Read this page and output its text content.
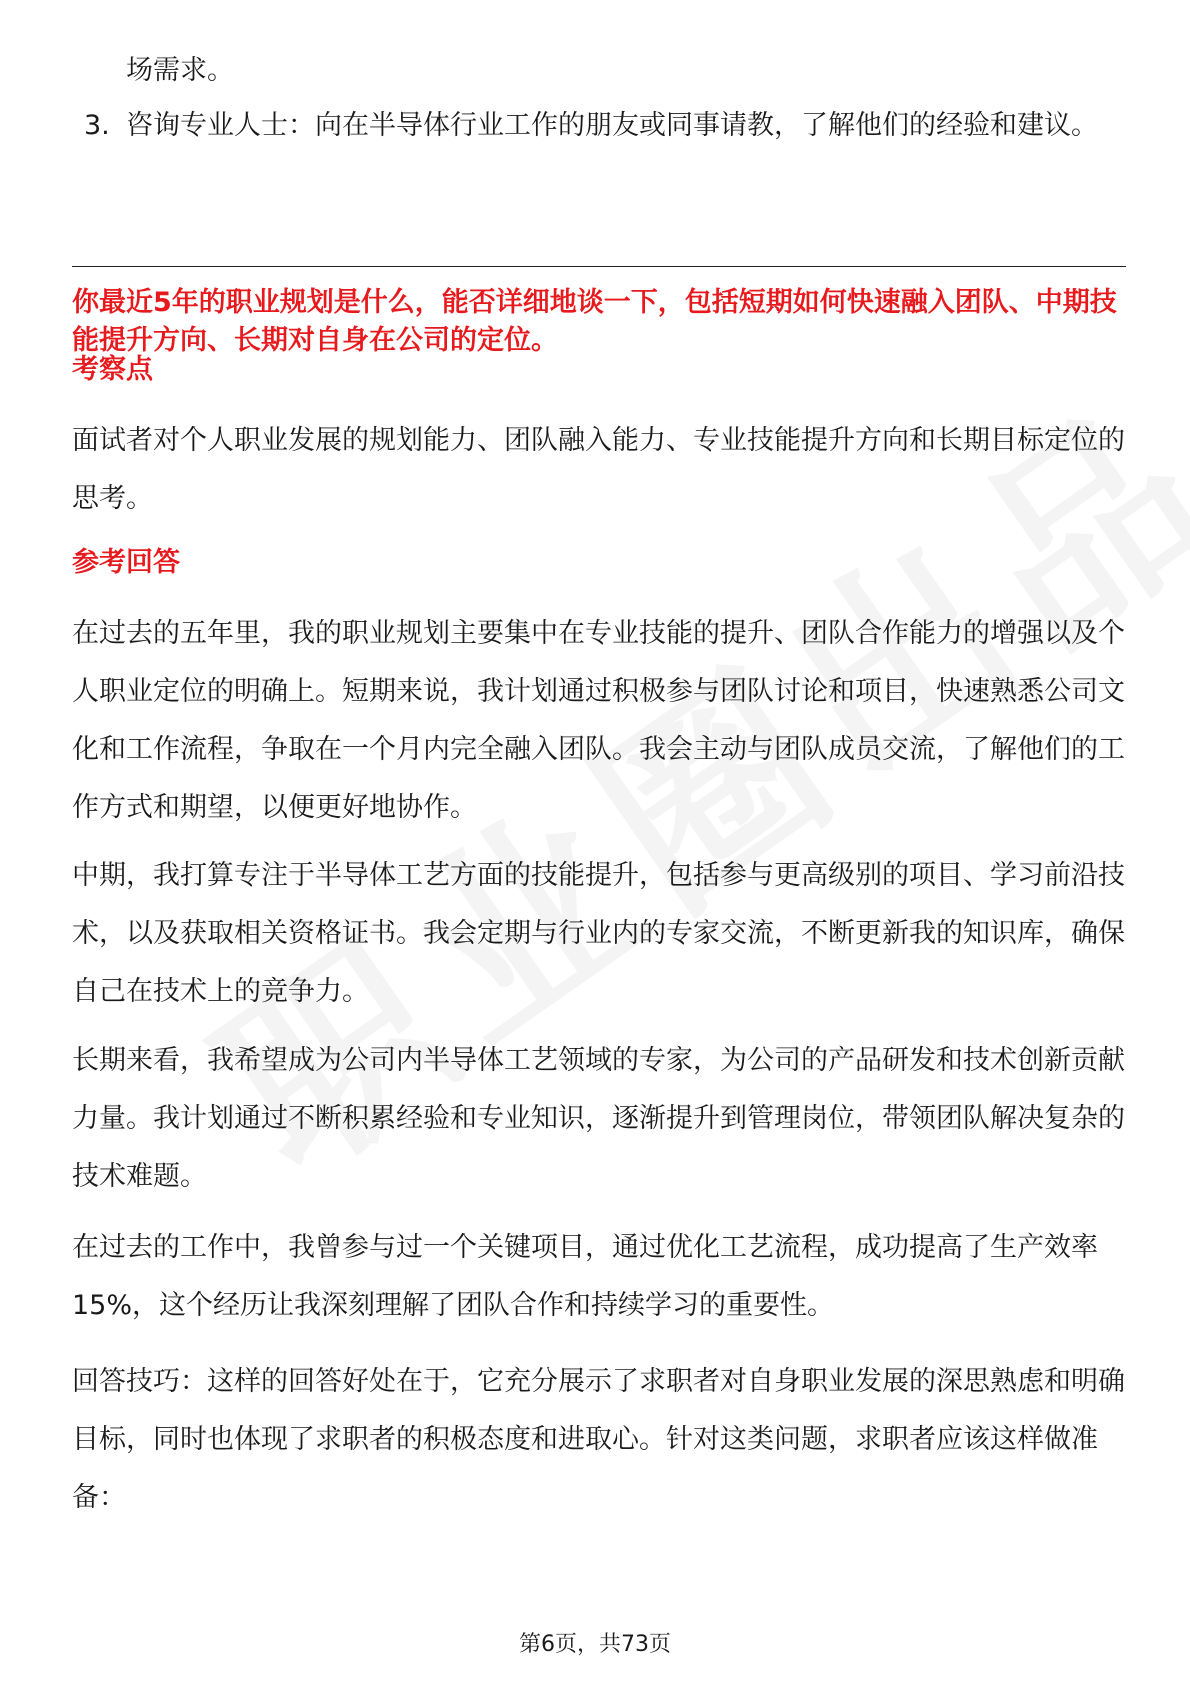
场需求。
3. 咨询专业人士：向在半导体行业工作的朋友或同事请教，了解他们的经验和建议。
你最近5年的职业规划是什么，能否详细地谈一下，包括短期如何快速融入团队、中期技能提升方向、长期对自身在公司的定位。
考察点
面试者对个人职业发展的规划能力、团队融入能力、专业技能提升方向和长期目标定位的思考。
参考回答
在过去的五年里，我的职业规划主要集中在专业技能的提升、团队合作能力的增强以及个人职业定位的明确上。短期来说，我计划通过积极参与团队讨论和项目，快速熟悉公司文化和工作流程，争取在一个月内完全融入团队。我会主动与团队成员交流，了解他们的工作方式和期望，以便更好地协作。
中期，我打算专注于半导体工艺方面的技能提升，包括参与更高级别的项目、学习前沿技术，以及获取相关资格证书。我会定期与行业内的专家交流，不断更新我的知识库，确保自己在技术上的竞争力。
长期来看，我希望成为公司内半导体工艺领域的专家，为公司的产品研发和技术创新贡献力量。我计划通过不断积累经验和专业知识，逐渐提升到管理岗位，带领团队解决复杂的技术难题。
在过去的工作中，我曾参与过一个关键项目，通过优化工艺流程，成功提高了生产效率15%，这个经历让我深刻理解了团队合作和持续学习的重要性。
回答技巧：这样的回答好处在于，它充分展示了求职者对自身职业发展的深思熟虑和明确目标，同时也体现了求职者的积极态度和进取心。针对这类问题，求职者应该这样做准备：
第6页，共73页
